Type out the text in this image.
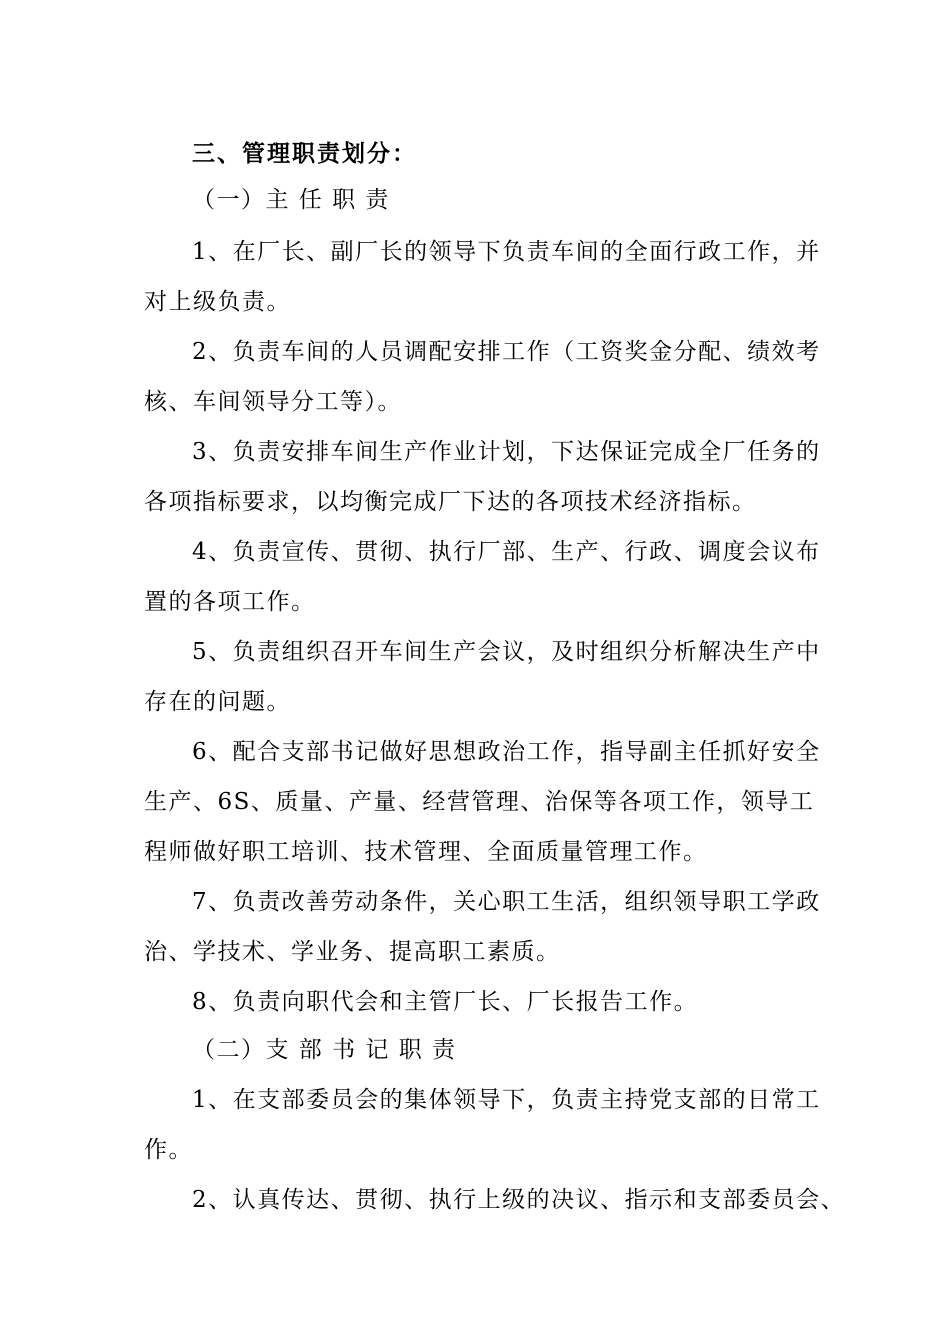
三、管理职责划分：
（一）主 任 职 责
1、在厂长、副厂长的领导下负责车间的全面行政工作，并
对上级负责。
2、负责车间的人员调配安排工作（工资奖金分配、绩效考
核、车间领导分工等）。
3、负责安排车间生产作业计划，下达保证完成全厂任务的
各项指标要求，以均衡完成厂下达的各项技术经济指标。
4、负责宣传、贯彻、执行厂部、生产、行政、调度会议布
置的各项工作。
5、负责组织召开车间生产会议，及时组织分析解决生产中
存在的问题。
6、配合支部书记做好思想政治工作，指导副主任抓好安全
生产、6S、质量、产量、经营管理、治保等各项工作，领导工
程师做好职工培训、技术管理、全面质量管理工作。
7、负责改善劳动条件，关心职工生活，组织领导职工学政
治、学技术、学业务、提高职工素质。
8、负责向职代会和主管厂长、厂长报告工作。
（二）支 部 书 记 职 责
1、在支部委员会的集体领导下，负责主持党支部的日常工
作。
2、认真传达、贯彻、执行上级的决议、指示和支部委员会、
